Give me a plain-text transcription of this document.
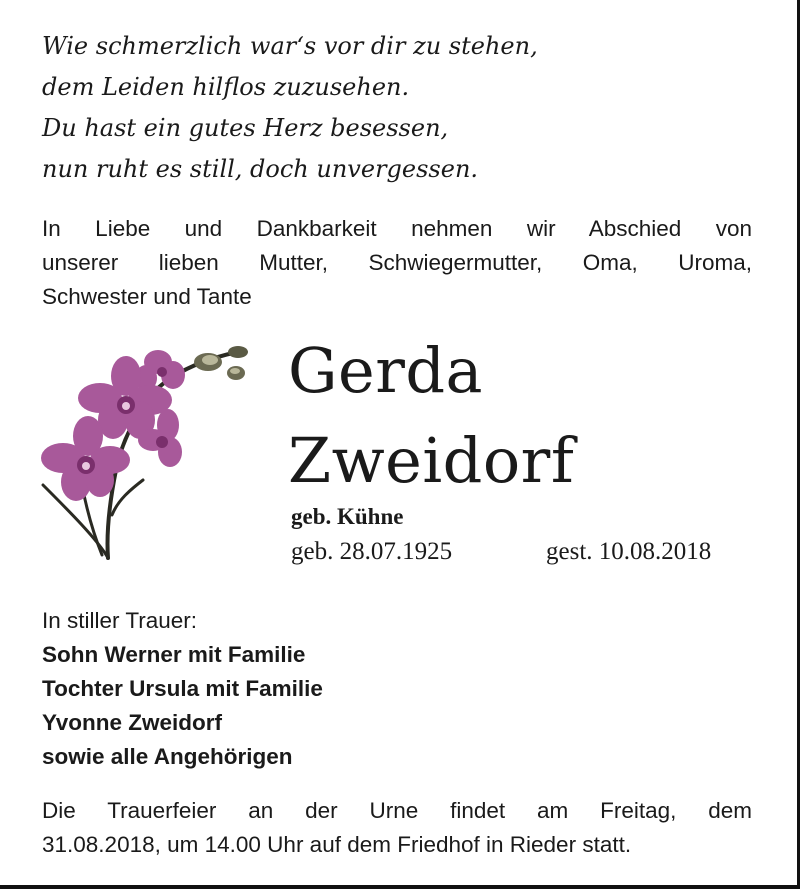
Wie schmerzlich war‘s vor dir zu stehen,
dem Leiden hilflos zuzusehen.
Du hast ein gutes Herz besessen,
nun ruht es still, doch unvergessen.
In Liebe und Dankbarkeit nehmen wir Abschied von
unserer lieben Mutter, Schwiegermutter, Oma, Uroma,
Schwester und Tante
Gerda
Zweidorf
geb. Kühne
geb. 28.07.1925	gest. 10.08.2018
In stiller Trauer:
Sohn Werner mit Familie
Tochter Ursula mit Familie
Yvonne Zweidorf
sowie alle Angehörigen
Die Trauerfeier an der Urne findet am Freitag, dem
31.08.2018, um 14.00 Uhr auf dem Friedhof in Rieder statt.
